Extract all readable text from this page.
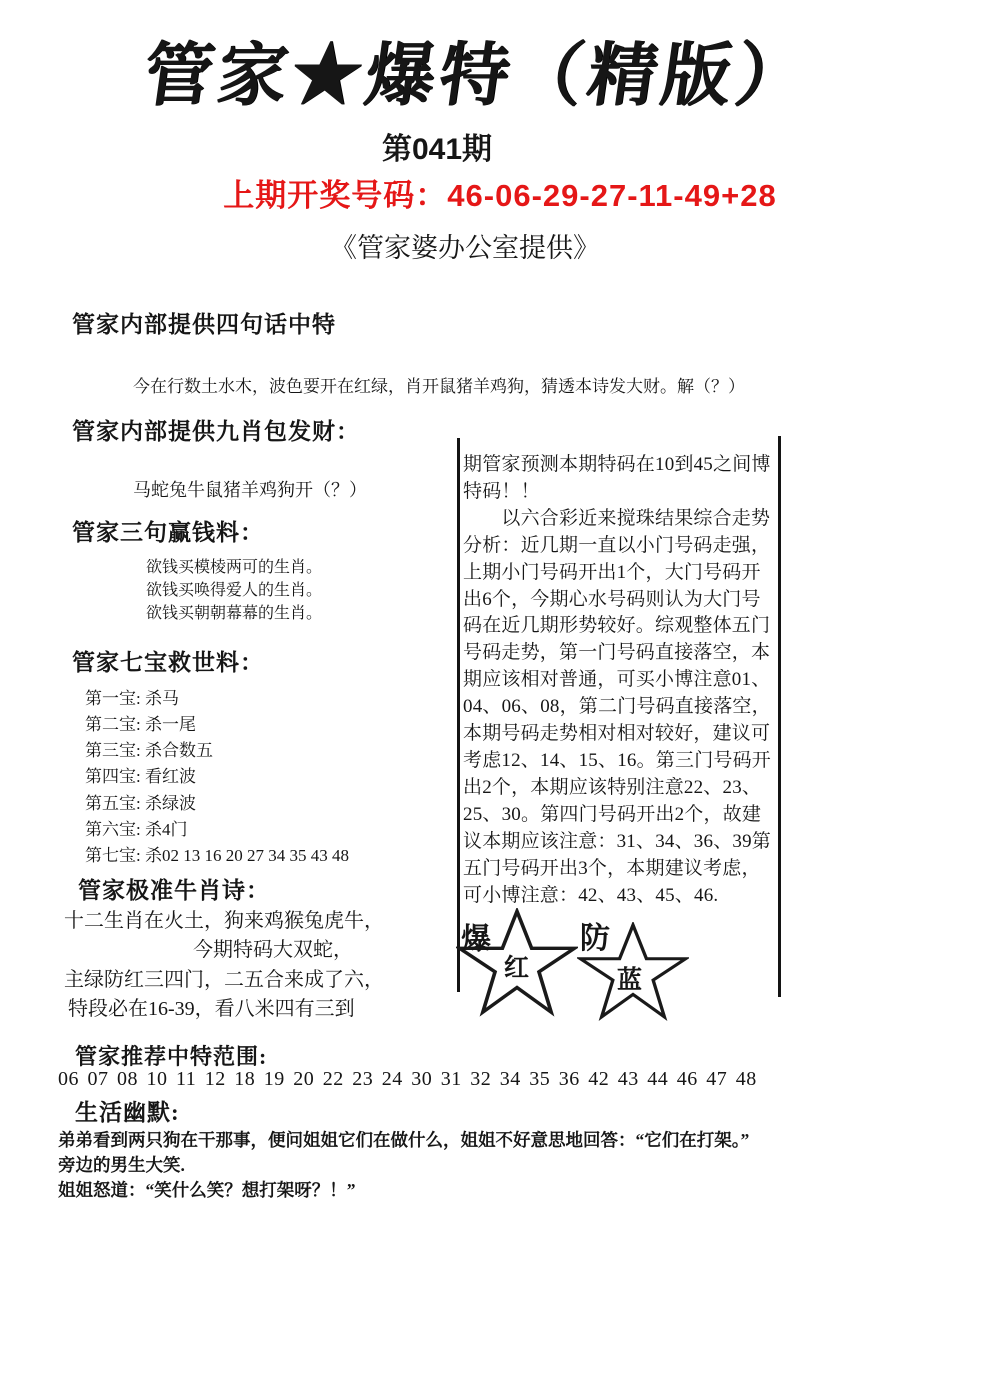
管家★爆特（精版）
第041期
上期开奖号码：46-06-29-27-11-49+28
《管家婆办公室提供》
管家内部提供四句话中特
今在行数土水木，波色要开在红绿，肖开鼠猪羊鸡狗，猜透本诗发大财。解（？）
管家内部提供九肖包发财：
马蛇兔牛鼠猪羊鸡狗开（？）
管家三句赢钱料：
欲钱买模棱两可的生肖。
欲钱买唤得爱人的生肖。
欲钱买朝朝幕幕的生肖。
管家七宝救世料：
第一宝: 杀马
第二宝: 杀一尾
第三宝: 杀合数五
第四宝: 看红波
第五宝: 杀绿波
第六宝: 杀4门
第七宝: 杀02 13 16 20 27 34 35 43 48
管家极准牛肖诗：
十二生肖在火土，狗来鸡猴兔虎牛，
今期特码大双蛇，
主绿防红三四门，二五合来成了六，
特段必在16-39，看八米四有三到
期管家预测本期特码在10到45之间博
特码！！
　　以六合彩近来搅珠结果综合走势
分析：近几期一直以小门号码走强，
上期小门号码开出1个，大门号码开
出6个，今期心水号码则认为大门号
码在近几期形势较好。综观整体五门
号码走势，第一门号码直接落空，本
期应该相对普通，可买小博注意01、
04、06、08，第二门号码直接落空，
本期号码走势相对相对较好，建议可
考虑12、14、15、16。第三门号码开
出2个，本期应该特别注意22、23、
25、30。第四门号码开出2个，故建
议本期应该注意：31、34、36、39第
五门号码开出3个，本期建议考虑，
可小博注意：42、43、45、46.
爆
红
防
蓝
管家推荐中特范围:
06 07 08 10 11 12 18 19 20 22 23 24 30 31 32 34 35 36 42 43 44 46 47 48
生活幽默:
弟弟看到两只狗在干那事，便问姐姐它们在做什么，姐姐不好意思地回答：“它们在打架。”
旁边的男生大笑.
姐姐怒道：“笑什么笑？想打架呀？！”
